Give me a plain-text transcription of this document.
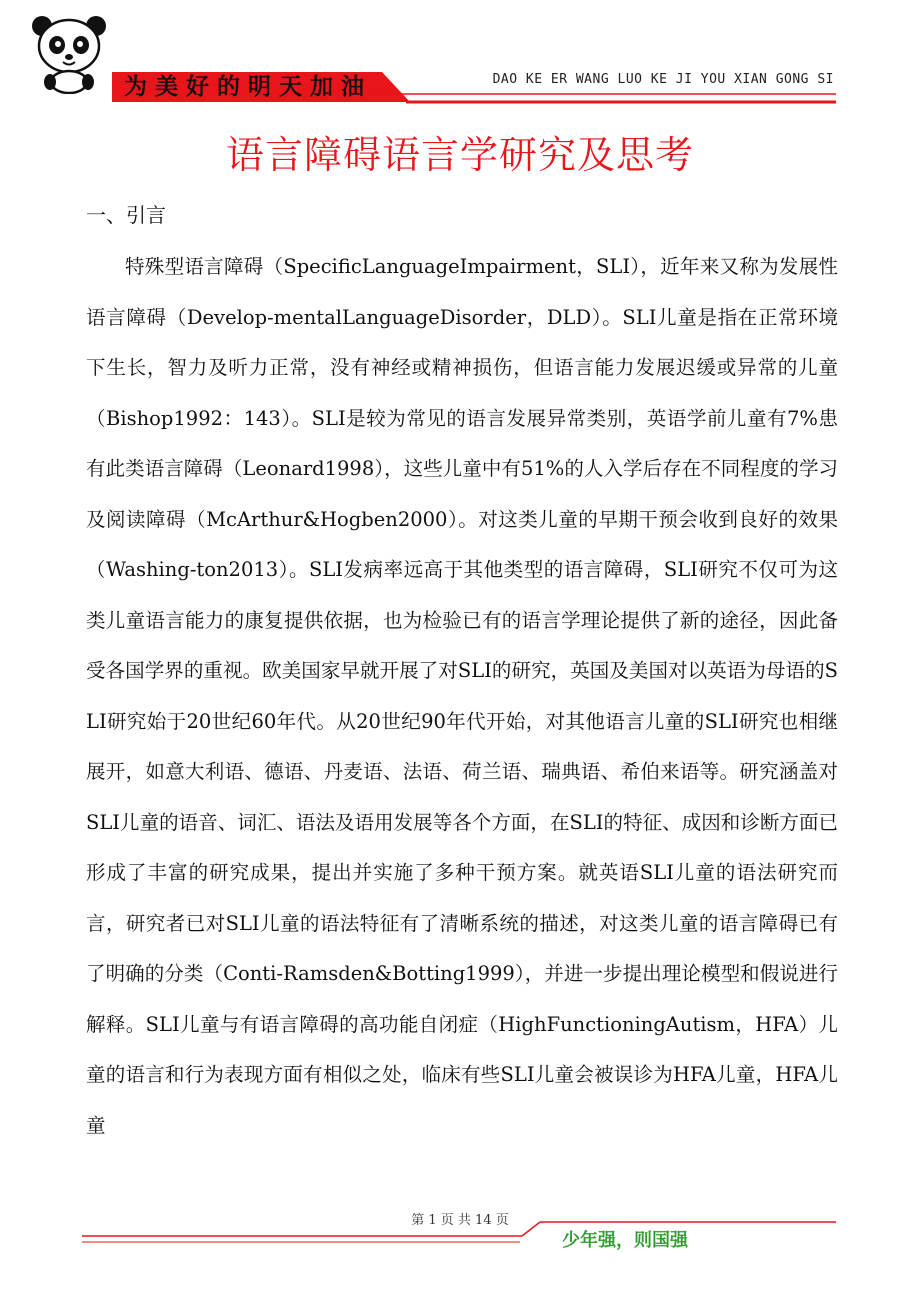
为美好的明天加油	DAO KE ER WANG LUO KE JI YOU XIAN GONG SI
语言障碍语言学研究及思考
一、引言
特殊型语言障碍（SpecificLanguageImpairment，SLI），近年来又称为发展性语言障碍（Develop-mentalLanguageDisorder，DLD）。SLI儿童是指在正常环境下生长，智力及听力正常，没有神经或精神损伤，但语言能力发展迟缓或异常的儿童（Bishop1992：143）。SLI是较为常见的语言发展异常类别，英语学前儿童有7%患有此类语言障碍（Leonard1998），这些儿童中有51%的人入学后存在不同程度的学习及阅读障碍（McArthur&Hogben2000）。对这类儿童的早期干预会收到良好的效果（Washing-ton2013）。SLI发病率远高于其他类型的语言障碍，SLI研究不仅可为这类儿童语言能力的康复提供依据，也为检验已有的语言学理论提供了新的途径，因此备受各国学界的重视。欧美国家早就开展了对SLI的研究，英国及美国对以英语为母语的SLI研究始于20世纪60年代。从20世纪90年代开始，对其他语言儿童的SLI研究也相继展开，如意大利语、德语、丹麦语、法语、荷兰语、瑞典语、希伯来语等。研究涵盖对SLI儿童的语音、词汇、语法及语用发展等各个方面，在SLI的特征、成因和诊断方面已形成了丰富的研究成果，提出并实施了多种干预方案。就英语SLI儿童的语法研究而言，研究者已对SLI儿童的语法特征有了清晰系统的描述，对这类儿童的语言障碍已有了明确的分类（Conti-Ramsden&Botting1999），并进一步提出理论模型和假说进行解释。SLI儿童与有语言障碍的高功能自闭症（HighFunctioningAutism，HFA）儿童的语言和行为表现方面有相似之处，临床有些SLI儿童会被误诊为HFA儿童，HFA儿童
第 1 页 共 14 页
少年强，则国强
